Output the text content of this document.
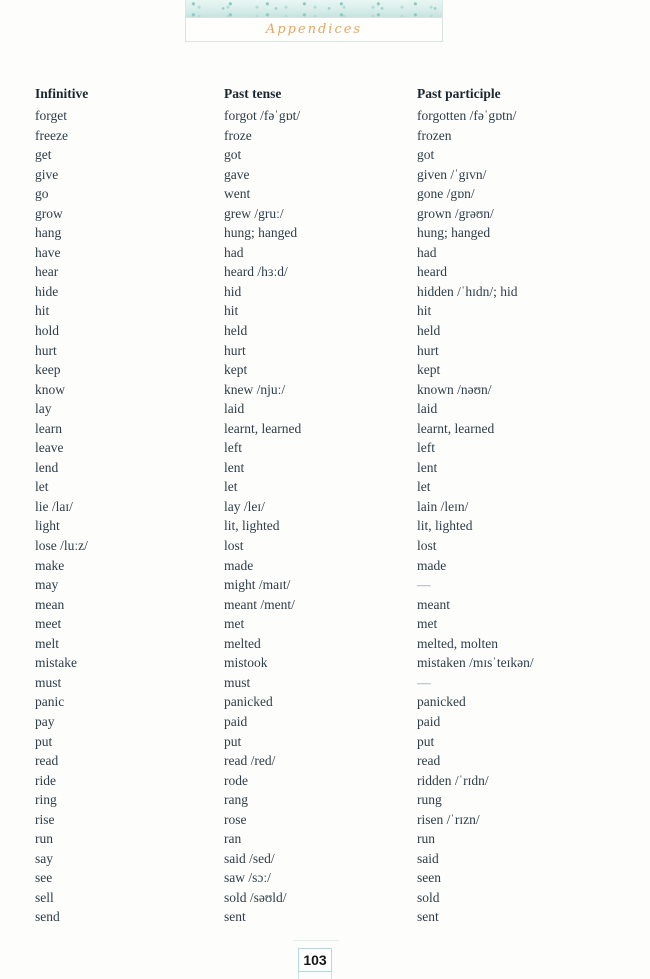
Appendices
Infinitive	Past tense	Past participle
forget	forgot /fəˈgɒt/	forgotten /fəˈgɒtn/
freeze	froze	frozen
get	got	got
give	gave	given /ˈgɪvn/
go	went	gone /gɒn/
grow	grew /gruː/	grown /grəʊn/
hang	hung; hanged	hung; hanged
have	had	had
hear	heard /hɜːd/	heard
hide	hid	hidden /ˈhɪdn/; hid
hit	hit	hit
hold	held	held
hurt	hurt	hurt
keep	kept	kept
know	knew /njuː/	known /nəʊn/
lay	laid	laid
learn	learnt, learned	learnt, learned
leave	left	left
lend	lent	lent
let	let	let
lie /laɪ/	lay /leɪ/	lain /leɪn/
light	lit, lighted	lit, lighted
lose /luːz/	lost	lost
make	made	made
may	might /maɪt/	—
mean	meant /ment/	meant
meet	met	met
melt	melted	melted, molten
mistake	mistook	mistaken /mɪsˈteɪkən/
must	must	—
panic	panicked	panicked
pay	paid	paid
put	put	put
read	read /red/	read
ride	rode	ridden /ˈrɪdn/
ring	rang	rung
rise	rose	risen /ˈrɪzn/
run	ran	run
say	said /sed/	said
see	saw /sɔː/	seen
sell	sold /səʊld/	sold
send	sent	sent
103
